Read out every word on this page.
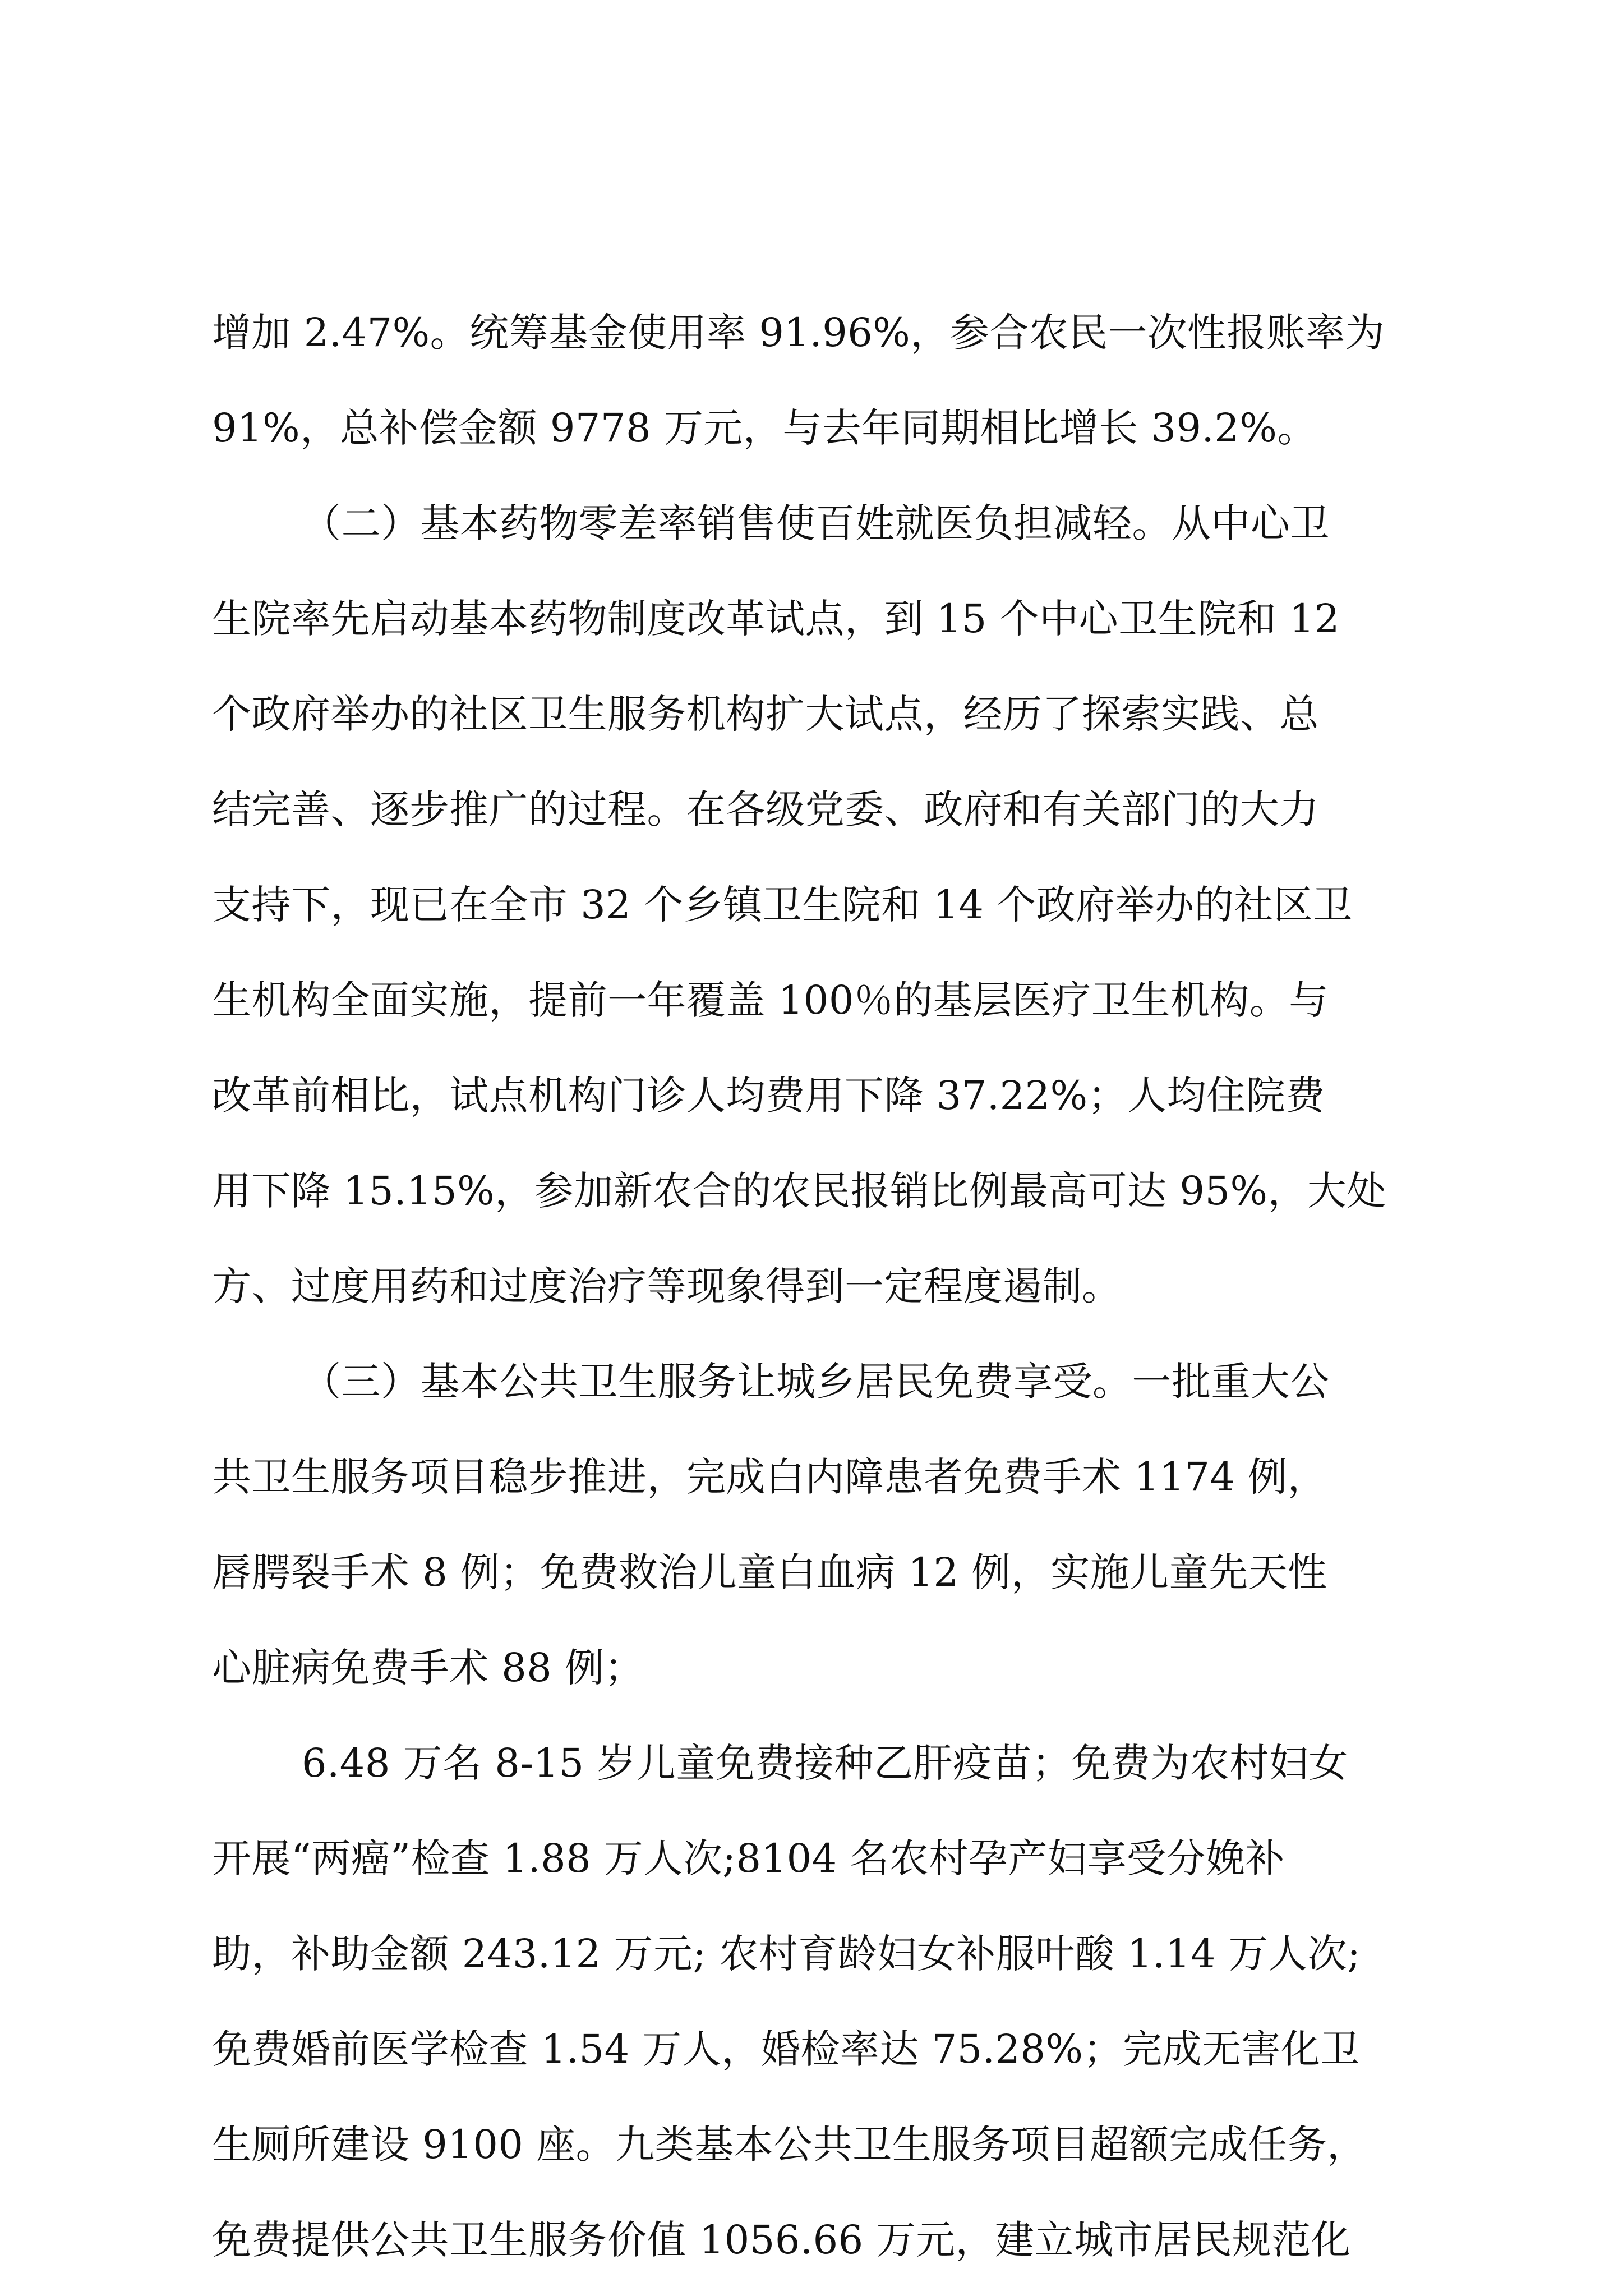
增加 2.47%。统筹基金使用率 91.96%，参合农民一次性报账率为
91%，总补偿金额 9778 万元，与去年同期相比增长 39.2%。
（二）基本药物零差率销售使百姓就医负担减轻。从中心卫
生院率先启动基本药物制度改革试点，到 15 个中心卫生院和 12
个政府举办的社区卫生服务机构扩大试点，经历了探索实践、总
结完善、逐步推广的过程。在各级党委、政府和有关部门的大力
支持下，现已在全市 32 个乡镇卫生院和 14 个政府举办的社区卫
生机构全面实施，提前一年覆盖 100％的基层医疗卫生机构。与
改革前相比，试点机构门诊人均费用下降 37.22%；人均住院费
用下降 15.15%，参加新农合的农民报销比例最高可达 95%，大处
方、过度用药和过度治疗等现象得到一定程度遏制。
（三）基本公共卫生服务让城乡居民免费享受。一批重大公
共卫生服务项目稳步推进，完成白内障患者免费手术 1174 例，
唇腭裂手术 8 例；免费救治儿童白血病 12 例，实施儿童先天性
心脏病免费手术 88 例；
6.48 万名 8-15 岁儿童免费接种乙肝疫苗；免费为农村妇女
开展“两癌”检查 1.88 万人次;8104 名农村孕产妇享受分娩补
助，补助金额 243.12 万元; 农村育龄妇女补服叶酸 1.14 万人次;
免费婚前医学检查 1.54 万人，婚检率达 75.28%；完成无害化卫
生厕所建设 9100 座。九类基本公共卫生服务项目超额完成任务，
免费提供公共卫生服务价值 1056.66 万元，建立城市居民规范化
